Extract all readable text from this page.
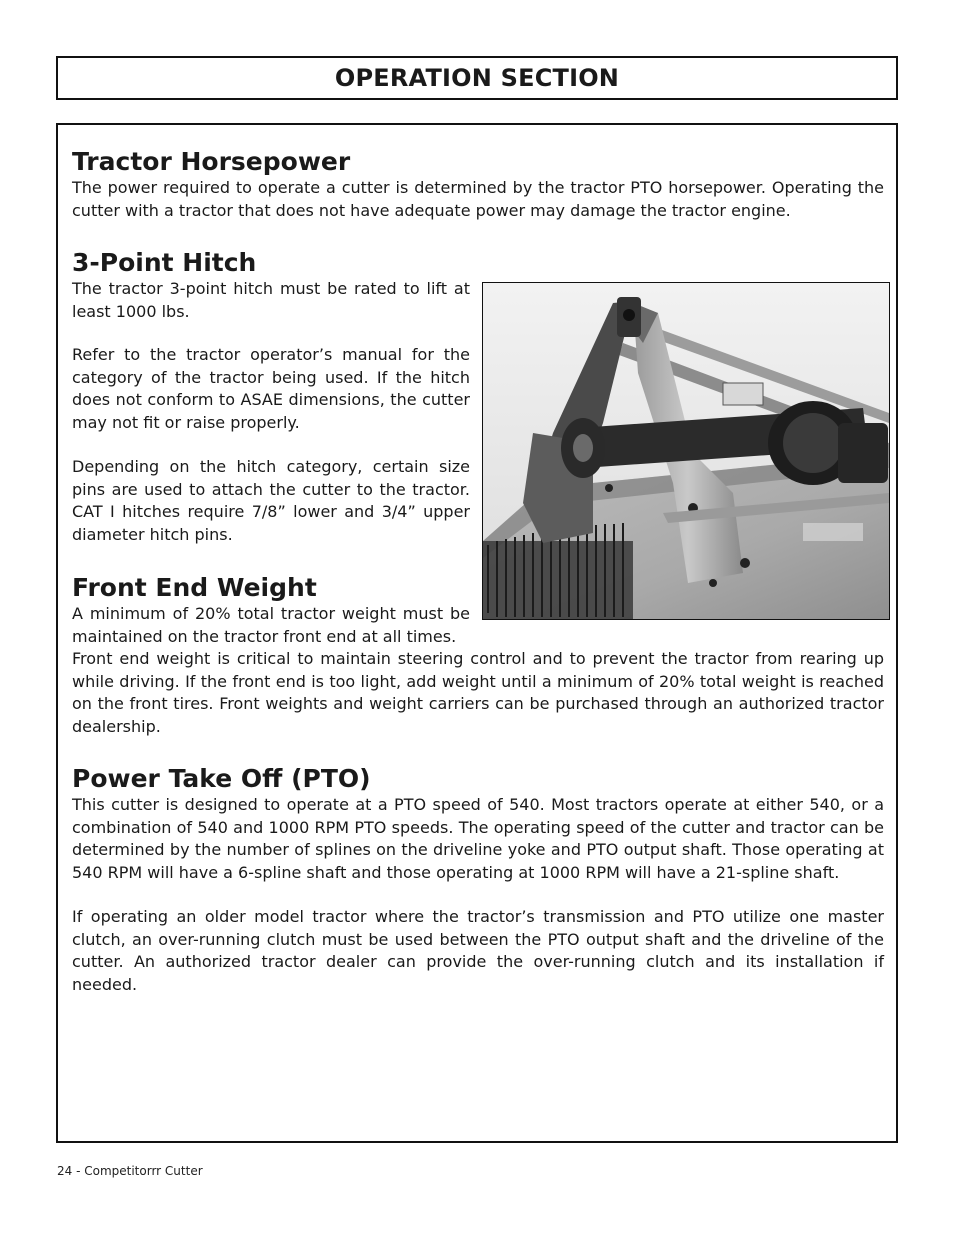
OPERATION SECTION
Tractor Horsepower

The power required to operate a cutter is determined by the tractor PTO horsepower. Operating the cutter with a tractor that does not have adequate power may damage the tractor engine.

3-Point Hitch

The tractor 3-point hitch must be rated to lift at least 1000 lbs.

Refer to the tractor operator’s manual for the category of the tractor being used. If the hitch does not conform to ASAE dimensions, the cutter may not fit or raise properly.

Depending on the hitch category, certain size pins are used to attach the cutter to the tractor. CAT I hitches require 7/8” lower and 3/4” upper diameter hitch pins.

Front End Weight

A minimum of 20% total tractor weight must be maintained on the tractor front end at all times.

Front end weight is critical to maintain steering control and to prevent the tractor from rearing up while driving. If the front end is too light, add weight until a minimum of 20% total weight is reached on the front tires. Front weights and weight carriers can be purchased through an authorized tractor dealership.

Power Take Off (PTO)

This cutter is designed to operate at a PTO speed of 540. Most tractors operate at either 540, or a combination of 540 and 1000 RPM PTO speeds. The operating speed of the cutter and tractor can be determined by the number of splines on the driveline yoke and PTO output shaft. Those operating at 540 RPM will have a 6-spline shaft and those operating at 1000 RPM will have a 21-spline shaft.

If operating an older model tractor where the tractor’s transmission and PTO utilize one master clutch, an over-running clutch must be used between the PTO output shaft and the driveline of the cutter. An authorized tractor dealer can provide the over-running clutch and its installation if needed.

24 - Competitorrr Cutter
